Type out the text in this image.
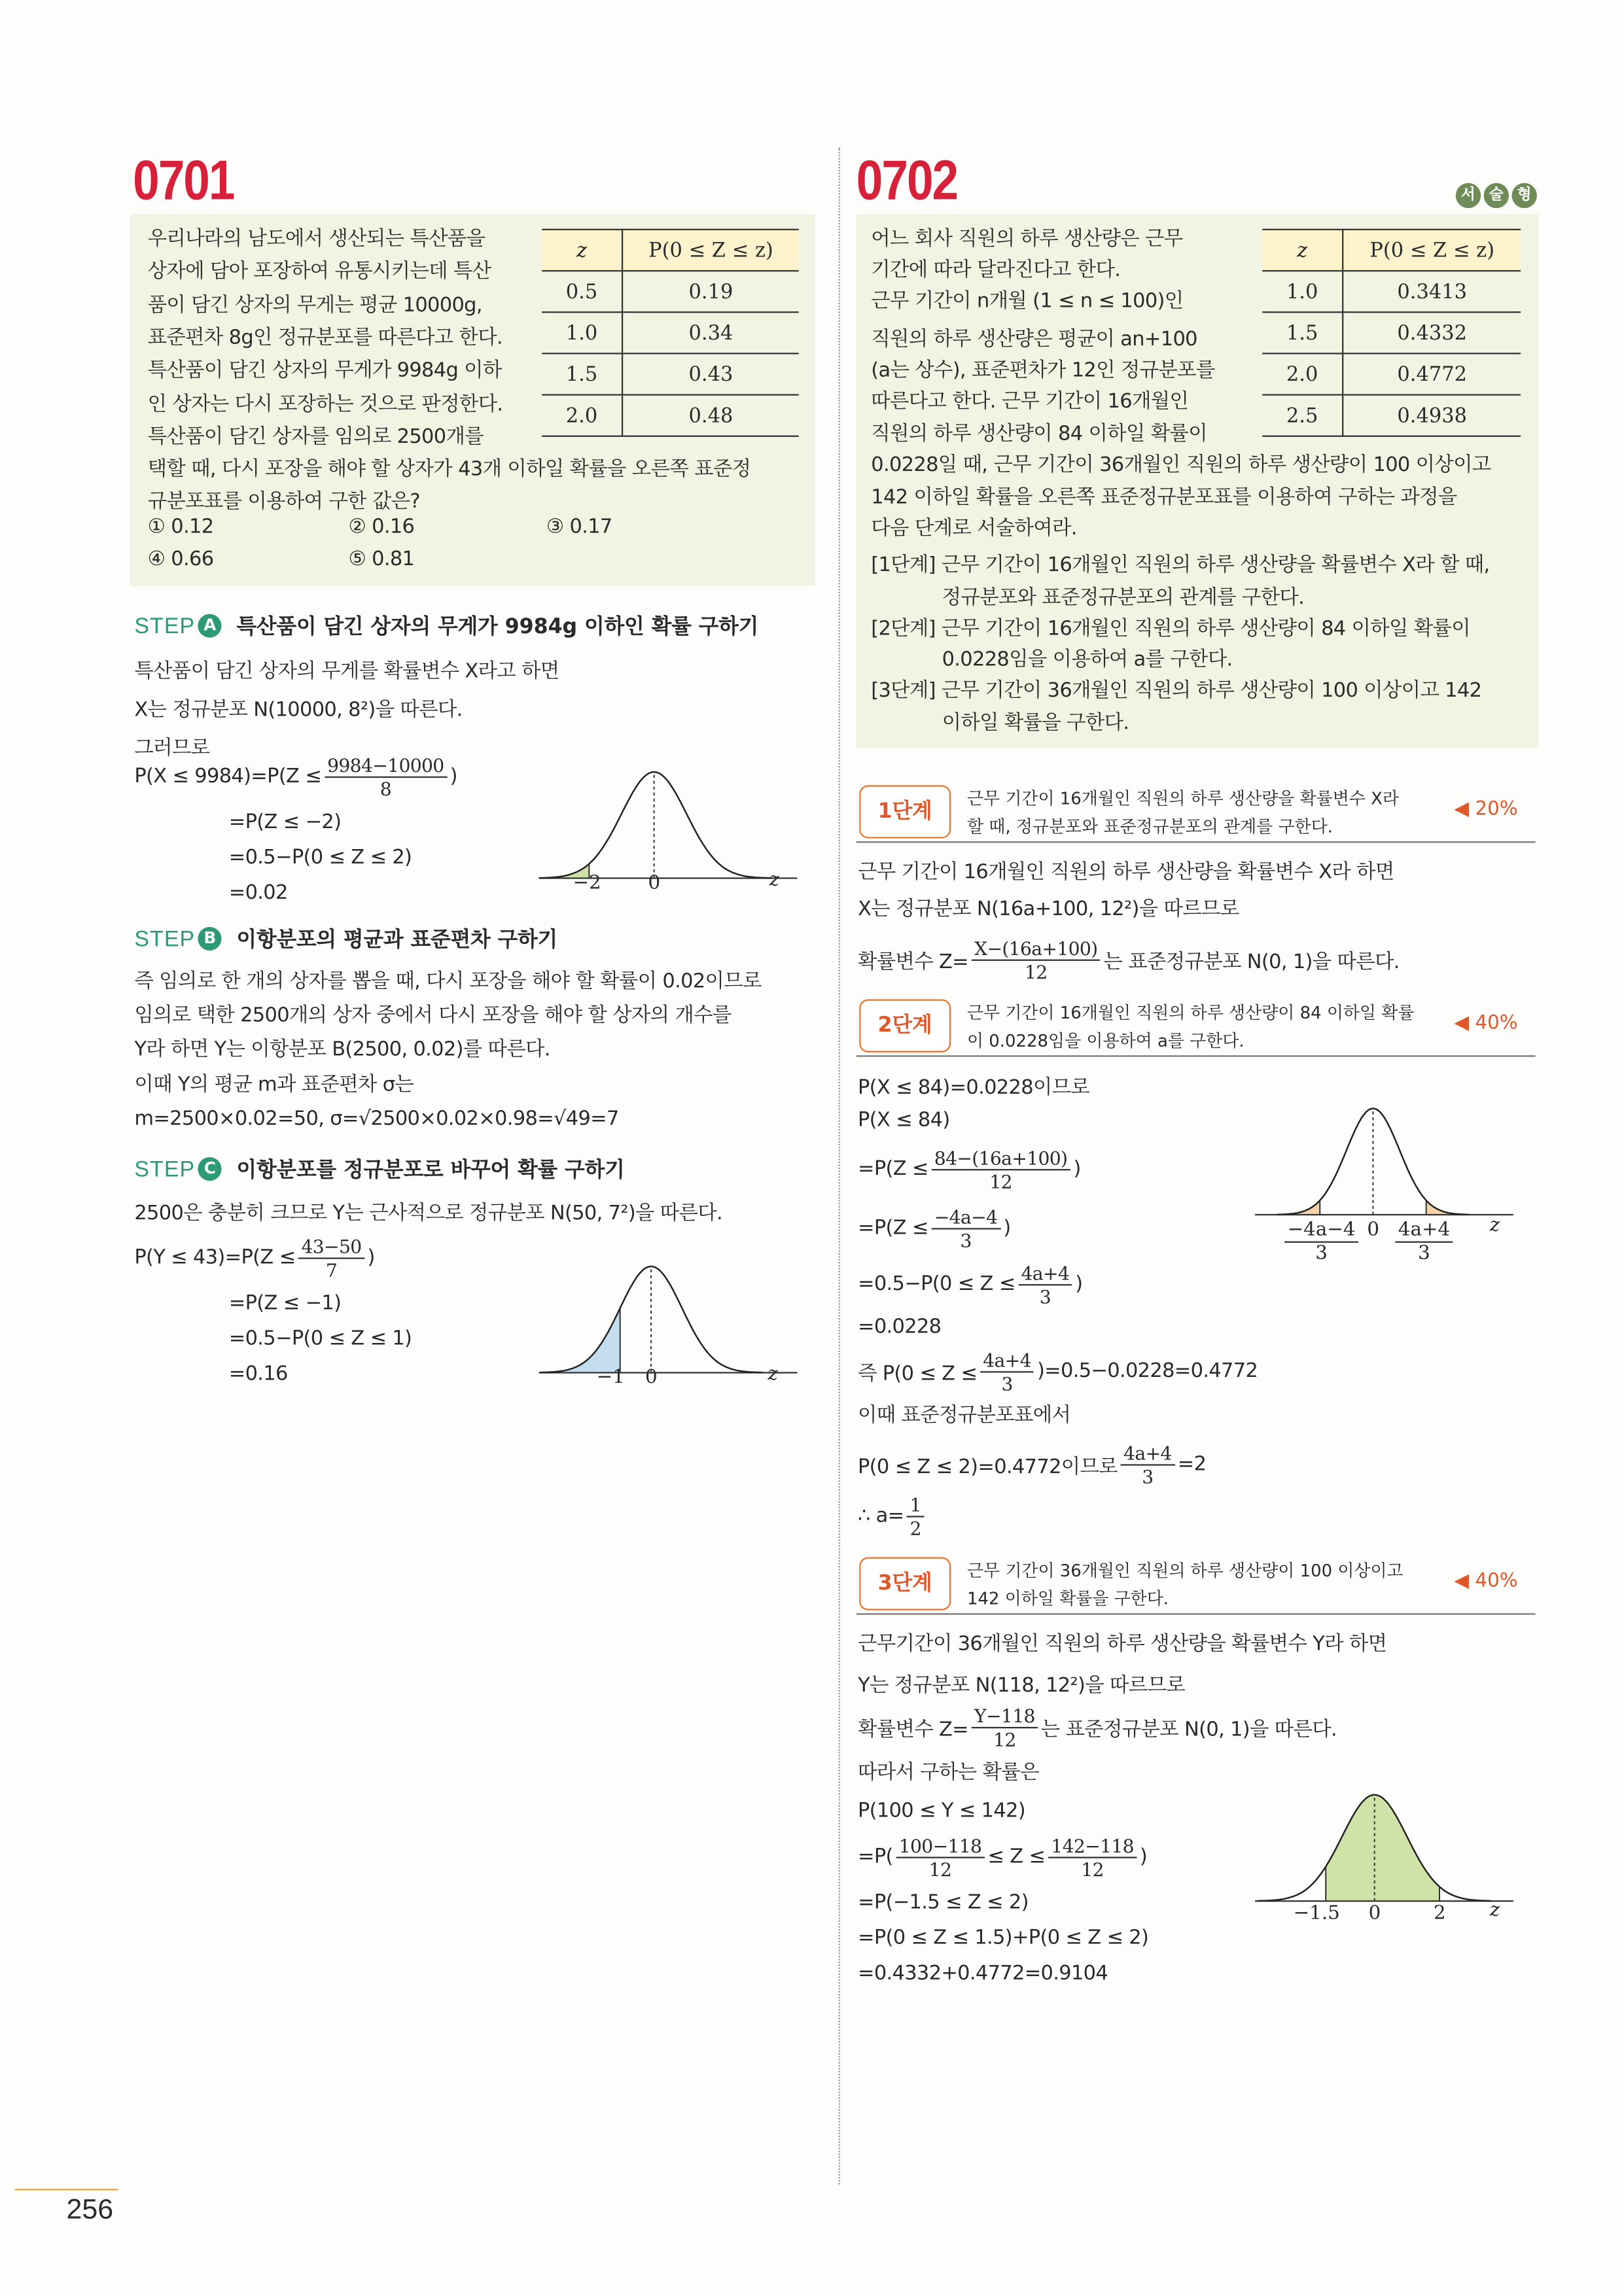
0701
z	P(0 ≤ Z ≤ z)
0.5	0.19
1.0	0.34
1.5	0.43
2.0	0.48
STEP	A	특산품이 담긴 상자의 무게가 9984g 이하인 확률 구하기
STEP	B	이항분포의 평균과 표준편차 구하기
STEP	C	이항분포를 정규분포로 바꾸어 확률 구하기
−2	0	z
−1 0	z
0702	서 술 형
z	P(0 ≤ Z ≤ z)
1.0	0.3413
1.5	0.4332
2.0	0.4772
2.5	0.4938
1단계
근무 기간이 16개월인 직원의 하루 생산량을 확률변수 X라
할 때, 정규분포와 표준정규분포의 관계를 구한다.
◀ 20%
2단계
근무 기간이 16개월인 직원의 하루 생산량이 84 이하일 확률
이 0.0228임을 이용하여 a를 구한다.
◀ 40%
3단계
근무 기간이 36개월인 직원의 하루 생산량이 100 이상이고
142 이하일 확률을 구한다.
◀ 40%
−1.5	0	2	z
256
우리나라의 남도에서 생산되는 특산품을
상자에 담아 포장하여 유통시키는데 특산
품이 담긴 상자의 무게는 평균 10000g,
표준편차 8g인 정규분포를 따른다고 한다.
특산품이 담긴 상자의 무게가 9984g 이하
인 상자는 다시 포장하는 것으로 판정한다.
특산품이 담긴 상자를 임의로 2500개를
택할 때, 다시 포장을 해야 할 상자가 43개 이하일 확률을 오른쪽 표준정
규분포표를 이용하여 구한 값은?
① 0.12	② 0.16	③ 0.17
④ 0.66	⑤ 0.81
특산품이 담긴 상자의 무게를 확률변수 X라고 하면
X는 정규분포 N(10000, 8²)을 따른다.
그러므로
$P(X \le 9984)=P(Z \le \frac{9984-10000}{8}$ )
=P(Z ≤ −2)
=0.5−P(0 ≤ Z ≤ 2)
=0.02
즉 임의로 한 개의 상자를 뽑을 때, 다시 포장을 해야 할 확률이 0.02이므로
임의로 택한 2500개의 상자 중에서 다시 포장을 해야 할 상자의 개수를
Y라 하면 Y는 이항분포 B(2500, 0.02)를 따른다.
이때 Y의 평균 m과 표준편차 σ는
m=2500×0.02=50, σ=√2500×0.02×0.98=√49=7
2500은 충분히 크므로 Y는 근사적으로 정규분포 N(50, 7²)을 따른다.
$P(Y \le 43)=P(Z \le \frac{43-50}{7}$ )
=P(Z ≤ −1)
=0.5−P(0 ≤ Z ≤ 1)
=0.16
어느 회사 직원의 하루 생산량은 근무
기간에 따라 달라진다고 한다.
근무 기간이 n개월 (1 ≤ n ≤ 100)인
직원의 하루 생산량은 평균이 an+100
(a는 상수), 표준편차가 12인 정규분포를
따른다고 한다. 근무 기간이 16개월인
직원의 하루 생산량이 84 이하일 확률이
0.0228일 때, 근무 기간이 36개월인 직원의 하루 생산량이 100 이상이고
142 이하일 확률을 오른쪽 표준정규분포표를 이용하여 구하는 과정을
다음 단계로 서술하여라.
[1단계] 근무 기간이 16개월인 직원의 하루 생산량을 확률변수 X라 할 때,
정규분포와 표준정규분포의 관계를 구한다.
[2단계] 근무 기간이 16개월인 직원의 하루 생산량이 84 이하일 확률이
0.0228임을 이용하여 a를 구한다.
[3단계] 근무 기간이 36개월인 직원의 하루 생산량이 100 이상이고 142
이하일 확률을 구한다.
근무 기간이 16개월인 직원의 하루 생산량을 확률변수 X라 하면
X는 정규분포 N(16a+100, 12²)을 따르므로
확률변수 $Z= \frac{X-(16a+100)}{12}$ 는 표준정규분포 N(0, 1)을 따른다.
P(X ≤ 84)=0.0228이므로
P(X ≤ 84)
$=P(Z \le \frac{84-(16a+100)}{12}$ )
$=P(Z \le \frac{-4a-4}{3}$ )
$=0.5-P(0 \le Z \le \frac{4a+4}{3}$ )
=0.0228
즉 $P(0 \le Z \le \frac{4a+4}{3} )=0.5-0.0228=0.4772$
이때 표준정규분포표에서
P(0 ≤ Z ≤ 2)=0.4772이므로 $\frac{4a+4}{3} =2$
∴ $a= \frac{1}{2}$
근무기간이 36개월인 직원의 하루 생산량을 확률변수 Y라 하면
Y는 정규분포 N(118, 12²)을 따르므로
확률변수 $Z= \frac{Y-118}{12}$ 는 표준정규분포 N(0, 1)을 따른다.
따라서 구하는 확률은
P(100 ≤ Y ≤ 142)
$=P( \frac{100-118}{12} \le Z \le \frac{142-118}{12}$ )
=P(−1.5 ≤ Z ≤ 2)
=P(0 ≤ Z ≤ 1.5)+P(0 ≤ Z ≤ 2)
=0.4332+0.4772=0.9104
$\frac{-4a-4}{3} 0 \frac{4a+4}{3}$	z
